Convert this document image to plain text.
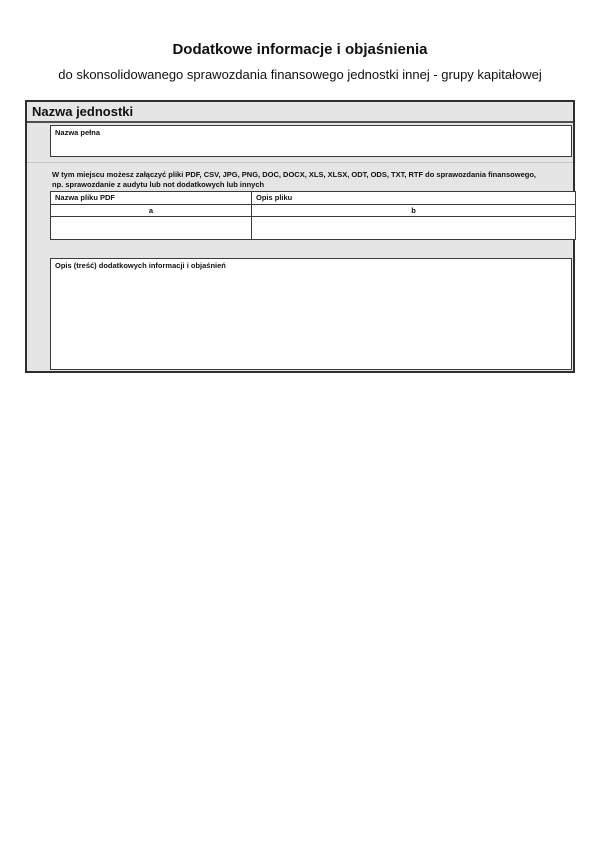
Dodatkowe informacje i objaśnienia
do skonsolidowanego sprawozdania finansowego jednostki innej - grupy kapitałowej
Nazwa jednostki
Nazwa pełna
W tym miejscu możesz załączyć pliki PDF, CSV, JPG, PNG, DOC, DOCX, XLS, XLSX, ODT, ODS, TXT, RTF do sprawozdania finansowego,
np. sprawozdanie z audytu lub not dodatkowych lub innych
Nazwa pliku PDF	Opis pliku
a	b

Opis (treść) dodatkowych informacji i objaśnień
